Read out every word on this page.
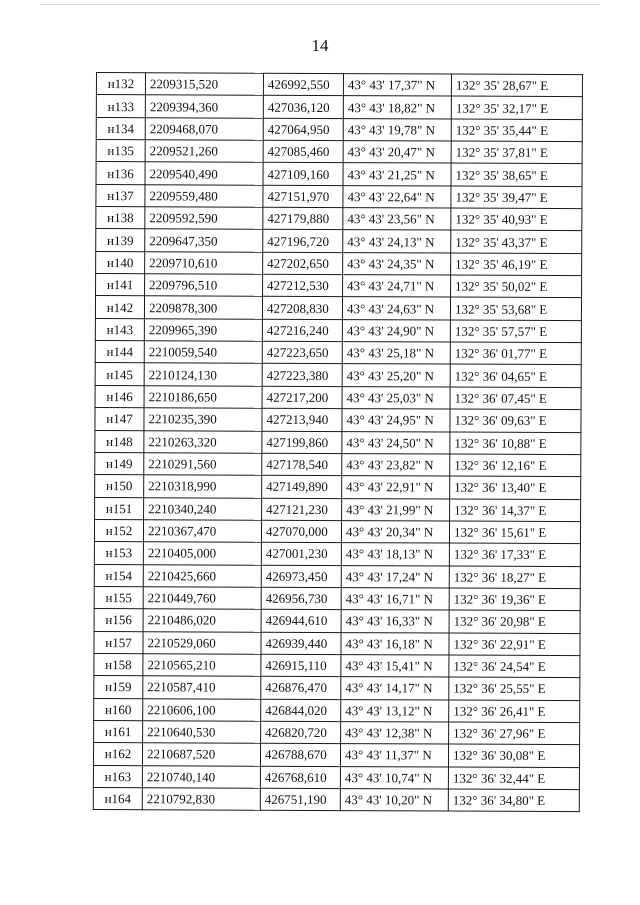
14
н132	2209315,520	426992,550	43° 43' 17,37" N	132° 35' 28,67" E
н133	2209394,360	427036,120	43° 43' 18,82" N	132° 35' 32,17" E
н134	2209468,070	427064,950	43° 43' 19,78" N	132° 35' 35,44" E
н135	2209521,260	427085,460	43° 43' 20,47" N	132° 35' 37,81" E
н136	2209540,490	427109,160	43° 43' 21,25" N	132° 35' 38,65" E
н137	2209559,480	427151,970	43° 43' 22,64" N	132° 35' 39,47" E
н138	2209592,590	427179,880	43° 43' 23,56" N	132° 35' 40,93" E
н139	2209647,350	427196,720	43° 43' 24,13" N	132° 35' 43,37" E
н140	2209710,610	427202,650	43° 43' 24,35" N	132° 35' 46,19" E
н141	2209796,510	427212,530	43° 43' 24,71" N	132° 35' 50,02" E
н142	2209878,300	427208,830	43° 43' 24,63" N	132° 35' 53,68" E
н143	2209965,390	427216,240	43° 43' 24,90" N	132° 35' 57,57" E
н144	2210059,540	427223,650	43° 43' 25,18" N	132° 36' 01,77" E
н145	2210124,130	427223,380	43° 43' 25,20" N	132° 36' 04,65" E
н146	2210186,650	427217,200	43° 43' 25,03" N	132° 36' 07,45" E
н147	2210235,390	427213,940	43° 43' 24,95" N	132° 36' 09,63" E
н148	2210263,320	427199,860	43° 43' 24,50" N	132° 36' 10,88" E
н149	2210291,560	427178,540	43° 43' 23,82" N	132° 36' 12,16" E
н150	2210318,990	427149,890	43° 43' 22,91" N	132° 36' 13,40" E
н151	2210340,240	427121,230	43° 43' 21,99" N	132° 36' 14,37" E
н152	2210367,470	427070,000	43° 43' 20,34" N	132° 36' 15,61" E
н153	2210405,000	427001,230	43° 43' 18,13" N	132° 36' 17,33" E
н154	2210425,660	426973,450	43° 43' 17,24" N	132° 36' 18,27" E
н155	2210449,760	426956,730	43° 43' 16,71" N	132° 36' 19,36" E
н156	2210486,020	426944,610	43° 43' 16,33" N	132° 36' 20,98" E
н157	2210529,060	426939,440	43° 43' 16,18" N	132° 36' 22,91" E
н158	2210565,210	426915,110	43° 43' 15,41" N	132° 36' 24,54" E
н159	2210587,410	426876,470	43° 43' 14,17" N	132° 36' 25,55" E
н160	2210606,100	426844,020	43° 43' 13,12" N	132° 36' 26,41" E
н161	2210640,530	426820,720	43° 43' 12,38" N	132° 36' 27,96" E
н162	2210687,520	426788,670	43° 43' 11,37" N	132° 36' 30,08" E
н163	2210740,140	426768,610	43° 43' 10,74" N	132° 36' 32,44" E
н164	2210792,830	426751,190	43° 43' 10,20" N	132° 36' 34,80" E
